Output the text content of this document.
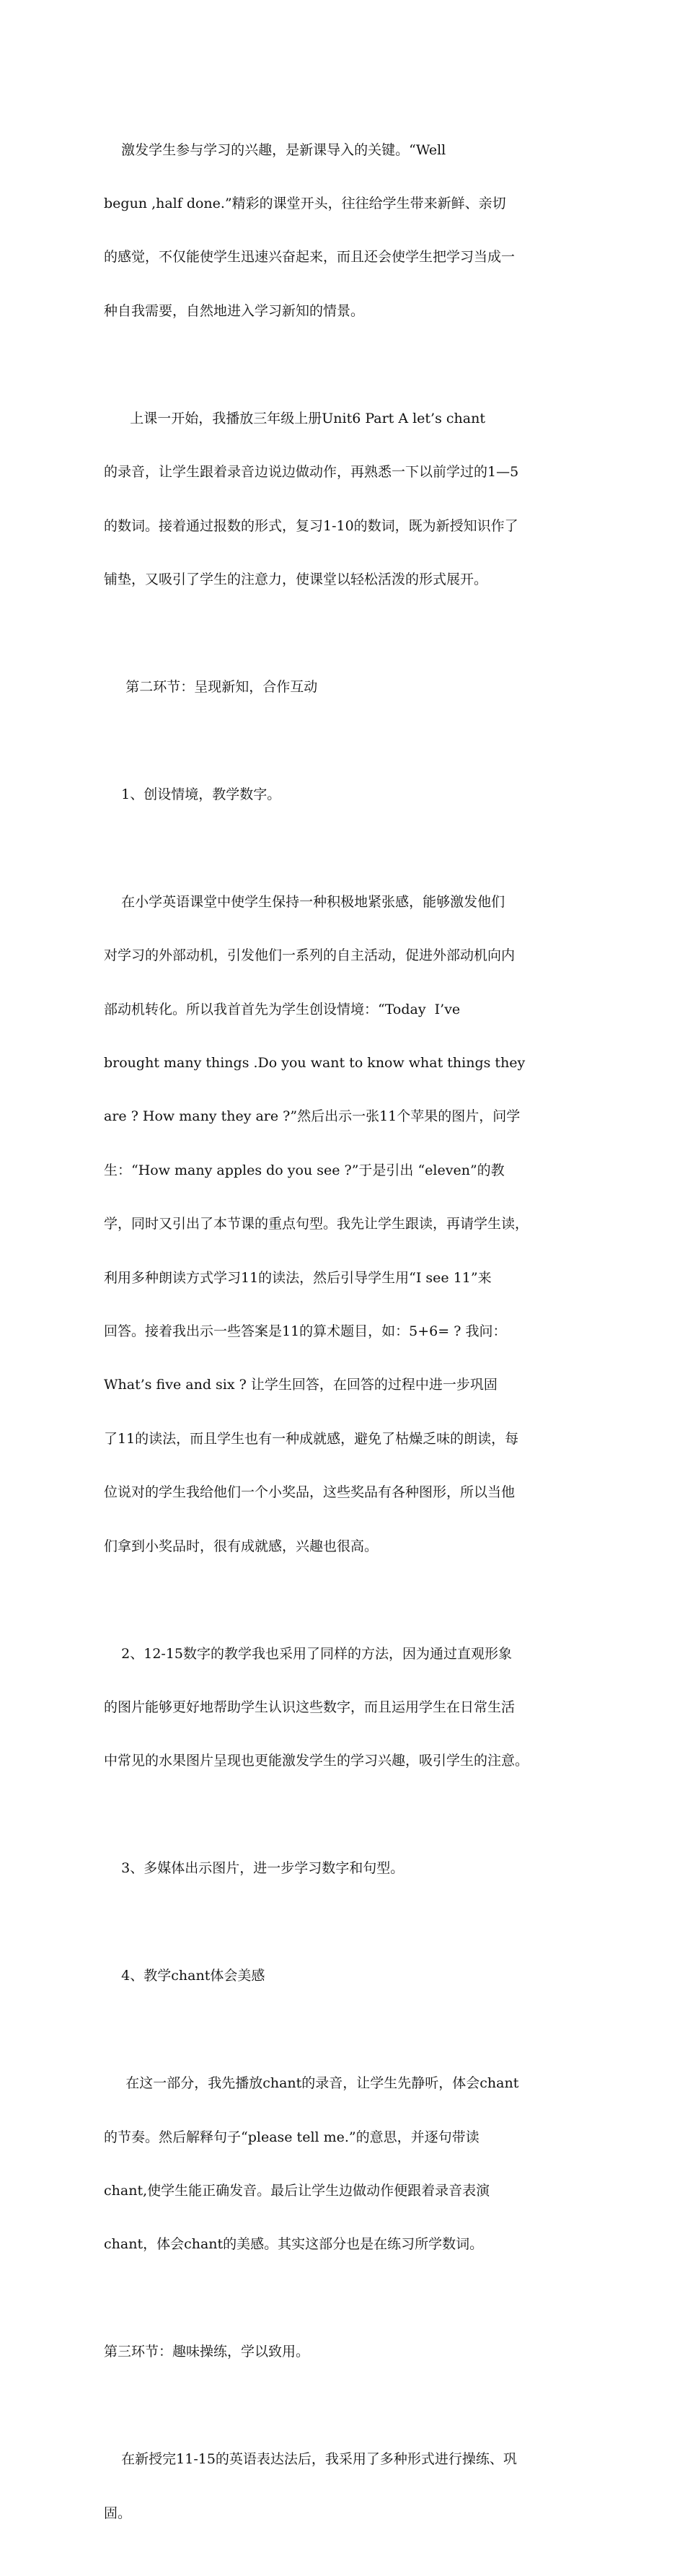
激发学生参与学习的兴趣，是新课导入的关键。“Well

begun ,half done.”精彩的课堂开头，往往给学生带来新鲜、亲切

的感觉，不仅能使学生迅速兴奋起来，而且还会使学生把学习当成一

种自我需要，自然地进入学习新知的情景。

上课一开始，我播放三年级上册Unit6 Part A let’s chant

的录音，让学生跟着录音边说边做动作，再熟悉一下以前学过的1—5

的数词。接着通过报数的形式，复习1-10的数词，既为新授知识作了

铺垫，又吸引了学生的注意力，使课堂以轻松活泼的形式展开。

第二环节：呈现新知，合作互动

1、创设情境，教学数字。

在小学英语课堂中使学生保持一种积极地紧张感，能够激发他们

对学习的外部动机，引发他们一系列的自主活动，促进外部动机向内

部动机转化。所以我首首先为学生创设情境：“Today  I’ve

brought many things .Do you want to know what things they

are ? How many they are ?”然后出示一张11个苹果的图片，问学

生：“How many apples do you see ?”于是引出 “eleven”的教

学，同时又引出了本节课的重点句型。我先让学生跟读，再请学生读，

利用多种朗读方式学习11的读法，然后引导学生用“I see 11”来

回答。接着我出示一些答案是11的算术题目，如：5+6= ? 我问：

What’s five and six ? 让学生回答，在回答的过程中进一步巩固

了11的读法，而且学生也有一种成就感，避免了枯燥乏味的朗读，每

位说对的学生我给他们一个小奖品，这些奖品有各种图形，所以当他

们拿到小奖品时，很有成就感，兴趣也很高。

2、12-15数字的教学我也采用了同样的方法，因为通过直观形象

的图片能够更好地帮助学生认识这些数字，而且运用学生在日常生活

中常见的水果图片呈现也更能激发学生的学习兴趣，吸引学生的注意。

3、多媒体出示图片，进一步学习数字和句型。

4、教学chant体会美感

在这一部分，我先播放chant的录音，让学生先静听，体会chant

的节奏。然后解释句子“please tell me.”的意思，并逐句带读

chant,使学生能正确发音。最后让学生边做动作便跟着录音表演

chant，体会chant的美感。其实这部分也是在练习所学数词。

第三环节：趣味操练，学以致用。

在新授完11-15的英语表达法后，我采用了多种形式进行操练、巩

固。
